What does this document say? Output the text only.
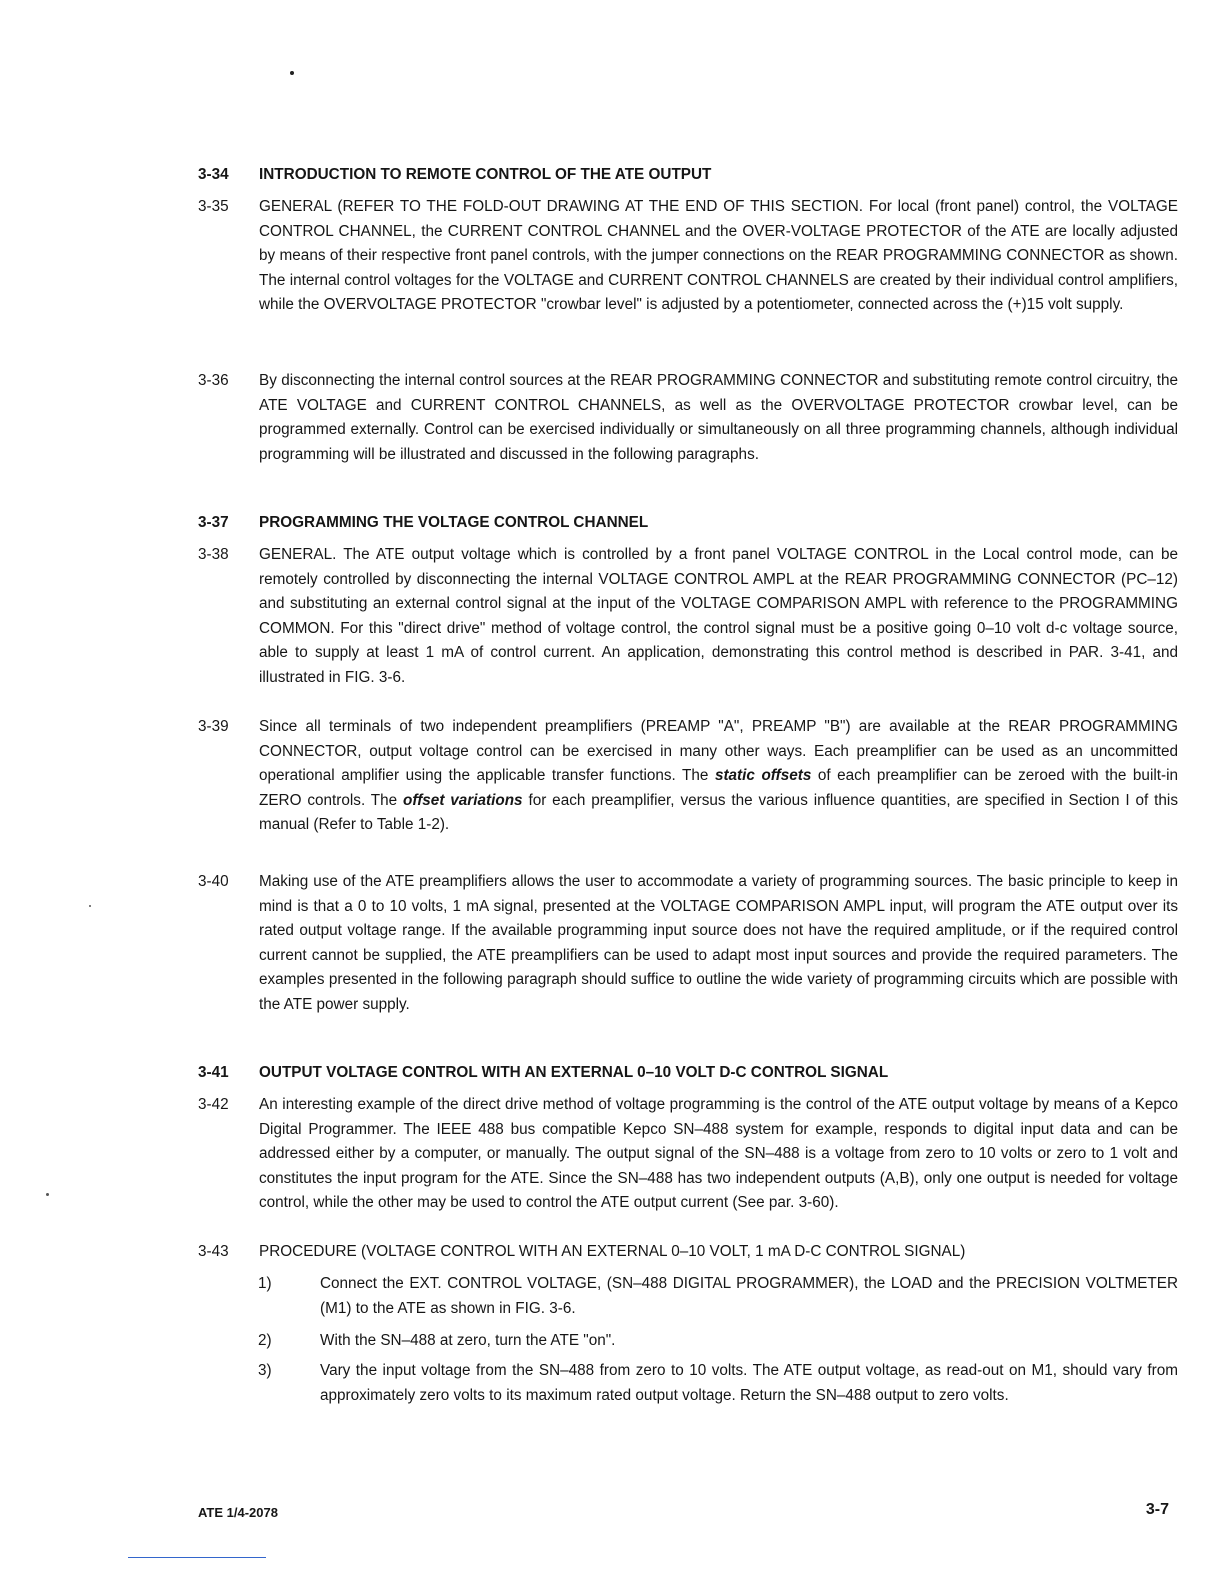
3-34	INTRODUCTION TO REMOTE CONTROL OF THE ATE OUTPUT
3-35	GENERAL (REFER TO THE FOLD-OUT DRAWING AT THE END OF THIS SECTION. For local (front panel) control, the VOLTAGE CONTROL CHANNEL, the CURRENT CONTROL CHANNEL and the OVER-VOLTAGE PROTECTOR of the ATE are locally adjusted by means of their respective front panel controls, with the jumper connections on the REAR PROGRAMMING CONNECTOR as shown. The internal control voltages for the VOLTAGE and CURRENT CONTROL CHANNELS are created by their individual control amplifiers, while the OVERVOLTAGE PROTECTOR "crowbar level" is adjusted by a potentiometer, connected across the (+)15 volt supply.
3-36	By disconnecting the internal control sources at the REAR PROGRAMMING CONNECTOR and substituting remote control circuitry, the ATE VOLTAGE and CURRENT CONTROL CHANNELS, as well as the OVERVOLTAGE PROTECTOR crowbar level, can be programmed externally. Control can be exercised individually or simultaneously on all three programming channels, although individual programming will be illustrated and discussed in the following paragraphs.
3-37	PROGRAMMING THE VOLTAGE CONTROL CHANNEL
3-38	GENERAL. The ATE output voltage which is controlled by a front panel VOLTAGE CONTROL in the Local control mode, can be remotely controlled by disconnecting the internal VOLTAGE CONTROL AMPL at the REAR PROGRAMMING CONNECTOR (PC–12) and substituting an external control signal at the input of the VOLTAGE COMPARISON AMPL with reference to the PROGRAMMING COMMON. For this "direct drive" method of voltage control, the control signal must be a positive going 0–10 volt d-c voltage source, able to supply at least 1 mA of control current. An application, demonstrating this control method is described in PAR. 3-41, and illustrated in FIG. 3-6.
3-39	Since all terminals of two independent preamplifiers (PREAMP "A", PREAMP "B") are available at the REAR PROGRAMMING CONNECTOR, output voltage control can be exercised in many other ways. Each preamplifier can be used as an uncommitted operational amplifier using the applicable transfer functions. The static offsets of each preamplifier can be zeroed with the built-in ZERO controls. The offset variations for each preamplifier, versus the various influence quantities, are specified in Section I of this manual (Refer to Table 1-2).
3-40	Making use of the ATE preamplifiers allows the user to accommodate a variety of programming sources. The basic principle to keep in mind is that a 0 to 10 volts, 1 mA signal, presented at the VOLTAGE COMPARISON AMPL input, will program the ATE output over its rated output voltage range. If the available programming input source does not have the required amplitude, or if the required control current cannot be supplied, the ATE preamplifiers can be used to adapt most input sources and provide the required parameters. The examples presented in the following paragraph should suffice to outline the wide variety of programming circuits which are possible with the ATE power supply.
3-41	OUTPUT VOLTAGE CONTROL WITH AN EXTERNAL 0–10 VOLT D-C CONTROL SIGNAL
3-42	An interesting example of the direct drive method of voltage programming is the control of the ATE output voltage by means of a Kepco Digital Programmer. The IEEE 488 bus compatible Kepco SN–488 system for example, responds to digital input data and can be addressed either by a computer, or manually. The output signal of the SN–488 is a voltage from zero to 10 volts or zero to 1 volt and constitutes the input program for the ATE. Since the SN–488 has two independent outputs (A,B), only one output is needed for voltage control, while the other may be used to control the ATE output current (See par. 3-60).
3-43	PROCEDURE (VOLTAGE CONTROL WITH AN EXTERNAL 0–10 VOLT, 1 mA D-C CONTROL SIGNAL)
1)	Connect the EXT. CONTROL VOLTAGE, (SN–488 DIGITAL PROGRAMMER), the LOAD and the PRECISION VOLTMETER (M1) to the ATE as shown in FIG. 3-6.
2)	With the SN–488 at zero, turn the ATE "on".
3)	Vary the input voltage from the SN–488 from zero to 10 volts. The ATE output voltage, as read-out on M1, should vary from approximately zero volts to its maximum rated output voltage. Return the SN–488 output to zero volts.
ATE 1/4-2078	3-7
